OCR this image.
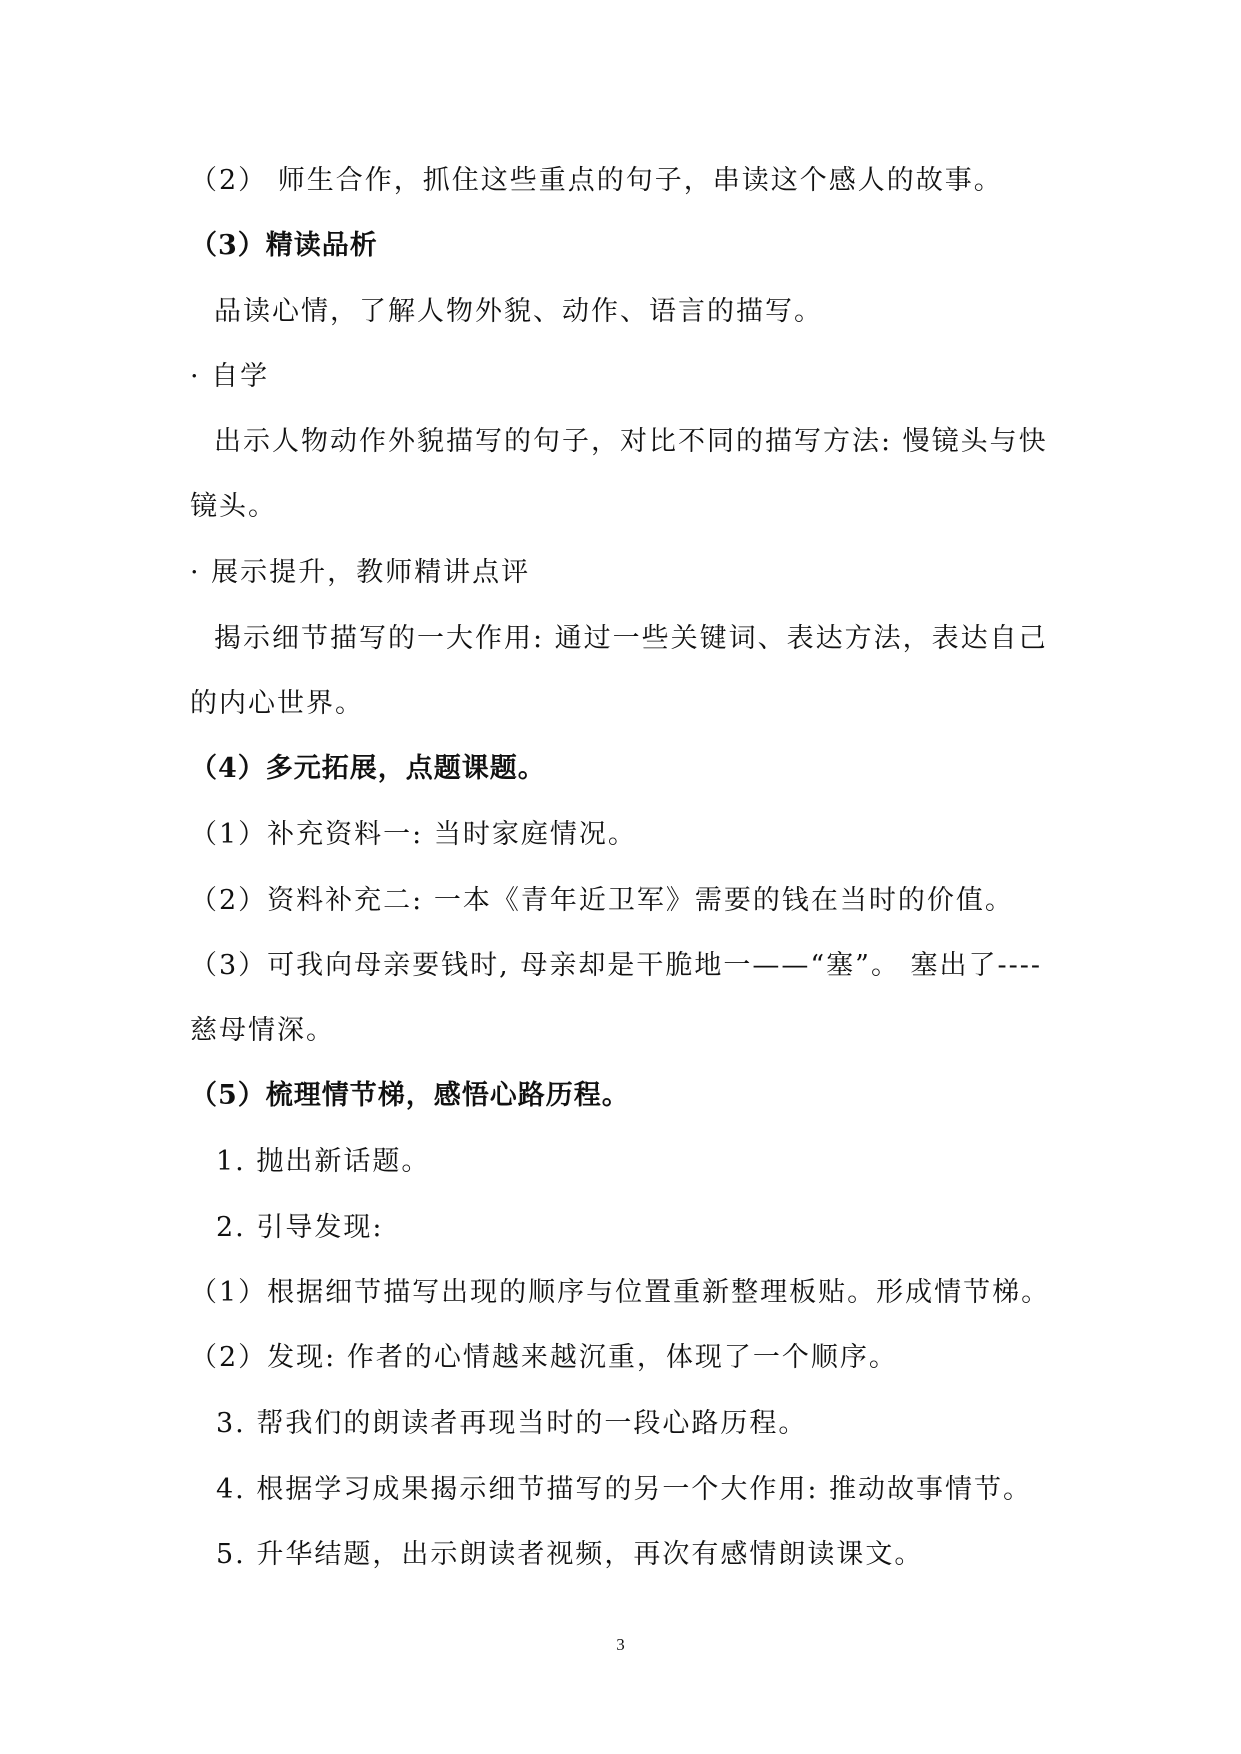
（2） 师生合作，抓住这些重点的句子，串读这个感人的故事。
（3）精读品析
品读心情，了解人物外貌、动作、语言的描写。
· 自学
出示人物动作外貌描写的句子，对比不同的描写方法: 慢镜头与快
镜头。
· 展示提升，教师精讲点评
揭示细节描写的一大作用: 通过一些关键词、表达方法，表达自己
的内心世界。
（4）多元拓展，点题课题。
（1）补充资料一: 当时家庭情况。
（2）资料补充二: 一本《青年近卫军》需要的钱在当时的价值。
（3）可我向母亲要钱时, 母亲却是干脆地一——“塞”。 塞出了----
慈母情深。
（5）梳理情节梯，感悟心路历程。
1. 抛出新话题。
2. 引导发现:
（1）根据细节描写出现的顺序与位置重新整理板贴。形成情节梯。
（2）发现: 作者的心情越来越沉重，体现了一个顺序。
3. 帮我们的朗读者再现当时的一段心路历程。
4. 根据学习成果揭示细节描写的另一个大作用: 推动故事情节。
5. 升华结题，出示朗读者视频，再次有感情朗读课文。
3
